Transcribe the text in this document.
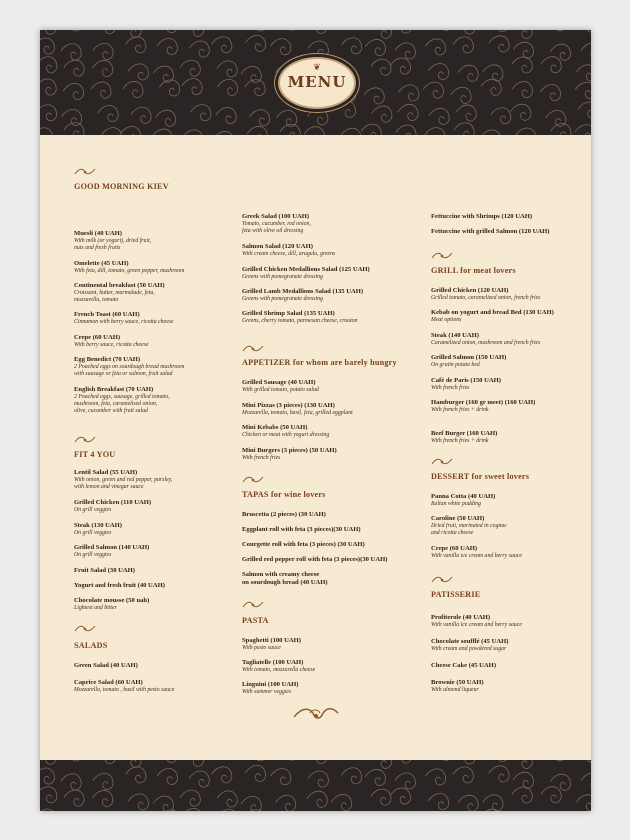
❦
MENU
GOOD MORNING KIEV
Muesli (40 UAH)
With milk (or yogurt), dried fruit,
nuts and fresh fruits
Omelette (45 UAH)
With feta, dill, tomato, green pepper, mushroom
Continental breakfast (50 UAH)
Croissant, butter, marmalade, feta,
mozzarella, tomato
French Toast (60 UAH)
Cinnamon with berry sauce, ricotta cheese
Crepe (60 UAH)
With berry sauce, ricotta cheese
Egg Benedict (70 UAH)
2 Poached eggs on sourdough bread mushroom
with sausage or feta or salmon, fruit salad
English Breakfast (70 UAH)
2 Poached eggs, sausage, grilled tomato,
mushroom, feta, caramelised onion,
olive, cucumber with fruit salad
FIT 4 YOU
Lentil Salad (55 UAH)
With onion, green and red pepper, parsley,
with lemon and vinegar sauce
Grilled Chicken (110 UAH)
On grill veggies
Steak (130 UAH)
On grill veggies
Grilled Salmon (140 UAH)
On grill veggies
Fruit Salad (30 UAH)
Yogurt and fresh fruit (40 UAH)
Chocolate mousse (50 uah)
Lightest and bitter
SALADS
Green Salad (40 UAH)
Caprice Salad (60 UAH)
Mozzarella, tomato , basil with pesto sauce
Greek Salad (100 UAH)
Tomato, cucumber, red onion,
feta with olive oil dressing
Salmon Salad (120 UAH)
With cream cheese, dill, arugula, greens
Grilled Chicken Medallions Salad (125 UAH)
Greens with pomegranate dressing
Grilled Lamb Medallions Salad (135 UAH)
Greens with pomegranate dressing
Grilled Shrimp Salad (135 UAH)
Greens, cherry tomato, parmesan cheese, crouton
APPETIZER for whom are barely hungry
Grilled Sausage (40 UAH)
With grilled tomato, potato salad
Mini Pizzas (3 pieces) (130 UAH)
Mozzarella, tomato, basil, feta, grilled eggplant
Mini Kebabs (50 UAH)
Chicken or meat with yogurt dressing
Mini Burgers (3 pieces) (50 UAH)
With french fries
TAPAS for wine lovers
Bruscetta (2 pieces) (30 UAH)
Eggplant roll with feta (3 pieces)(30 UAH)
Courgette roll with feta (3 pieces) (30 UAH)
Grilled red pepper roll with feta (3 pieces)(30 UAH)
Salmon with creamy cheese
on sourdough bread (40 UAH)
PASTA
Spaghetti (100 UAH)
With pesto sauce
Tagliatelle (100 UAH)
With tomato, mozzarella cheese
Linguini (100 UAH)
With summer veggies
Fettuccine with Shrimps (120 UAH)
Fettuccine with grilled Salmon (120 UAH)
GRILL for meat lovers
Grilled Chicken (120 UAH)
Grilled tomato, caramelized onion, french fries
Kebab on yogurt and bread Bed (130 UAH)
Meat options
Steak (140 UAH)
Caramelized onion, mushroom and french fries
Grilled Salmon (150 UAH)
On gratin potato bed
Café de Paris (150 UAH)
With french fries
Hamburger (160 gr meet) (160 UAH)
With french fries + drink
Beef Burger (160 UAH)
With french fries + drink
DESSERT for sweet lovers
Panna Cotta (40 UAH)
Italian white pudding
Caroline (50 UAH)
Dried fruit, marinated in cognac
and ricotta cheese
Crepe (60 UAH)
With vanilla ice cream and berry sauce
PATISSERIE
Profiterole (40 UAH)
With vanilla ice cream and berry sauce
Chocolate soufflé (45 UAH)
With cream and powdered sugar
Cheese Cake (45 UAH)
Brownie (50 UAH)
With almond liqueur
